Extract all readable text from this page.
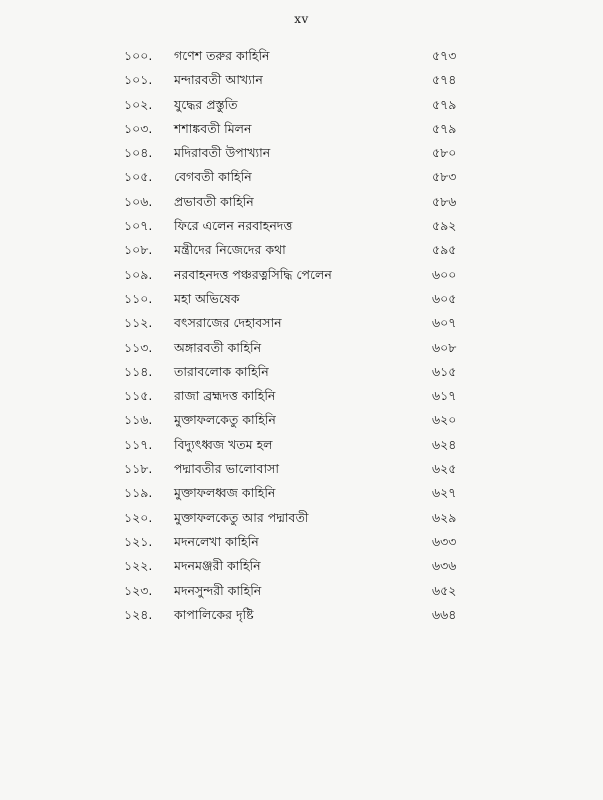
xv
১০০.	গণেশ তরুর কাহিনি	৫৭৩
১০১.	মন্দারবতী আখ্যান	৫৭৪
১০২.	যুদ্ধের প্রস্তুতি	৫৭৯
১০৩.	শশাঙ্কবতী মিলন	৫৭৯
১০৪.	মদিরাবতী উপাখ্যান	৫৮০
১০৫.	বেগবতী কাহিনি	৫৮৩
১০৬.	প্রভাবতী কাহিনি	৫৮৬
১০৭.	ফিরে এলেন নরবাহনদত্ত	৫৯২
১০৮.	মন্ত্রীদের নিজেদের কথা	৫৯৫
১০৯.	নরবাহনদত্ত পঞ্চরত্নসিদ্ধি পেলেন	৬০০
১১০.	মহা অভিষেক	৬০৫
১১২.	বৎসরাজের দেহাবসান	৬০৭
১১৩.	অঙ্গারবতী কাহিনি	৬০৮
১১৪.	তারাবলোক কাহিনি	৬১৫
১১৫.	রাজা ব্রহ্মদত্ত কাহিনি	৬১৭
১১৬.	মুক্তাফলকেতু কাহিনি	৬২০
১১৭.	বিদ্যুৎধ্বজ খতম হল	৬২৪
১১৮.	পদ্মাবতীর ভালোবাসা	৬২৫
১১৯.	মুক্তাফলধ্বজ কাহিনি	৬২৭
১২০.	মুক্তাফলকেতু আর পদ্মাবতী	৬২৯
১২১.	মদনলেখা কাহিনি	৬৩৩
১২২.	মদনমঞ্জরী কাহিনি	৬৩৬
১২৩.	মদনসুন্দরী কাহিনি	৬৫২
১২৪.	কাপালিকের দৃষ্টি	৬৬৪
